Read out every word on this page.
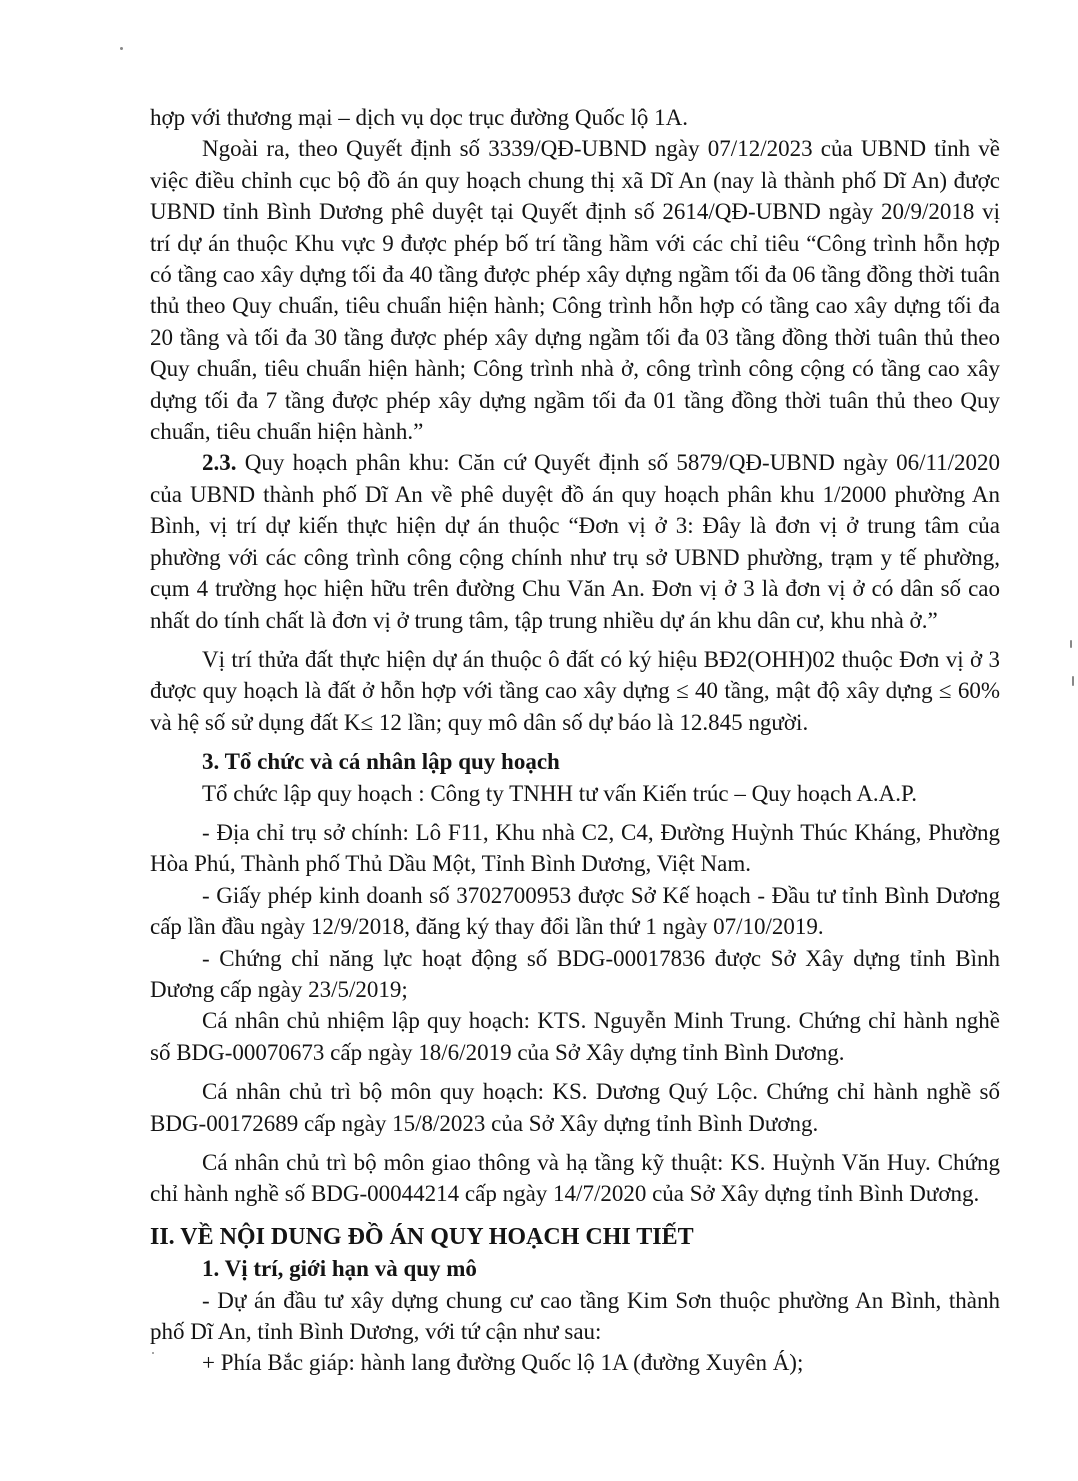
hợp với thương mại – dịch vụ dọc trục đường Quốc lộ 1A.

Ngoài ra, theo Quyết định số 3339/QĐ-UBND ngày 07/12/2023 của UBND tỉnh về việc điều chỉnh cục bộ đồ án quy hoạch chung thị xã Dĩ An (nay là thành phố Dĩ An) được UBND tỉnh Bình Dương phê duyệt tại Quyết định số 2614/QĐ-UBND ngày 20/9/2018 vị trí dự án thuộc Khu vực 9 được phép bố trí tầng hầm với các chỉ tiêu “Công trình hỗn hợp có tầng cao xây dựng tối đa 40 tầng được phép xây dựng ngầm tối đa 06 tầng đồng thời tuân thủ theo Quy chuẩn, tiêu chuẩn hiện hành; Công trình hỗn hợp có tầng cao xây dựng tối đa 20 tầng và tối đa 30 tầng được phép xây dựng ngầm tối đa 03 tầng đồng thời tuân thủ theo Quy chuẩn, tiêu chuẩn hiện hành; Công trình nhà ở, công trình công cộng có tầng cao xây dựng tối đa 7 tầng được phép xây dựng ngầm tối đa 01 tầng đồng thời tuân thủ theo Quy chuẩn, tiêu chuẩn hiện hành.”

2.3. Quy hoạch phân khu: Căn cứ Quyết định số 5879/QĐ-UBND ngày 06/11/2020 của UBND thành phố Dĩ An về phê duyệt đồ án quy hoạch phân khu 1/2000 phường An Bình, vị trí dự kiến thực hiện dự án thuộc “Đơn vị ở 3: Đây là đơn vị ở trung tâm của phường với các công trình công cộng chính như trụ sở UBND phường, trạm y tế phường, cụm 4 trường học hiện hữu trên đường Chu Văn An. Đơn vị ở 3 là đơn vị ở có dân số cao nhất do tính chất là đơn vị ở trung tâm, tập trung nhiều dự án khu dân cư, khu nhà ở.”

Vị trí thửa đất thực hiện dự án thuộc ô đất có ký hiệu BĐ2(OHH)02 thuộc Đơn vị ở 3 được quy hoạch là đất ở hỗn hợp với tầng cao xây dựng ≤ 40 tầng, mật độ xây dựng ≤ 60% và hệ số sử dụng đất K≤ 12 lần; quy mô dân số dự báo là 12.845 người.

3. Tổ chức và cá nhân lập quy hoạch

Tổ chức lập quy hoạch : Công ty TNHH tư vấn Kiến trúc – Quy hoạch A.A.P.

- Địa chỉ trụ sở chính: Lô F11, Khu nhà C2, C4, Đường Huỳnh Thúc Kháng, Phường Hòa Phú, Thành phố Thủ Dầu Một, Tỉnh Bình Dương, Việt Nam.

- Giấy phép kinh doanh số 3702700953 được Sở Kế hoạch - Đầu tư tỉnh Bình Dương cấp lần đầu ngày 12/9/2018, đăng ký thay đổi lần thứ 1 ngày 07/10/2019.

- Chứng chỉ năng lực hoạt động số BDG-00017836 được Sở Xây dựng tỉnh Bình Dương cấp ngày 23/5/2019;

Cá nhân chủ nhiệm lập quy hoạch: KTS. Nguyễn Minh Trung. Chứng chỉ hành nghề số BDG-00070673 cấp ngày 18/6/2019 của Sở Xây dựng tỉnh Bình Dương.

Cá nhân chủ trì bộ môn quy hoạch: KS. Dương Quý Lộc. Chứng chỉ hành nghề số BDG-00172689 cấp ngày 15/8/2023 của Sở Xây dựng tỉnh Bình Dương.

Cá nhân chủ trì bộ môn giao thông và hạ tầng kỹ thuật: KS. Huỳnh Văn Huy. Chứng chỉ hành nghề số BDG-00044214 cấp ngày 14/7/2020 của Sở Xây dựng tỉnh Bình Dương.

II. VỀ NỘI DUNG ĐỒ ÁN QUY HOẠCH CHI TIẾT

1. Vị trí, giới hạn và quy mô

- Dự án đầu tư xây dựng chung cư cao tầng Kim Sơn thuộc phường An Bình, thành phố Dĩ An, tỉnh Bình Dương, với tứ cận như sau:

+ Phía Bắc giáp: hành lang đường Quốc lộ 1A (đường Xuyên Á);
